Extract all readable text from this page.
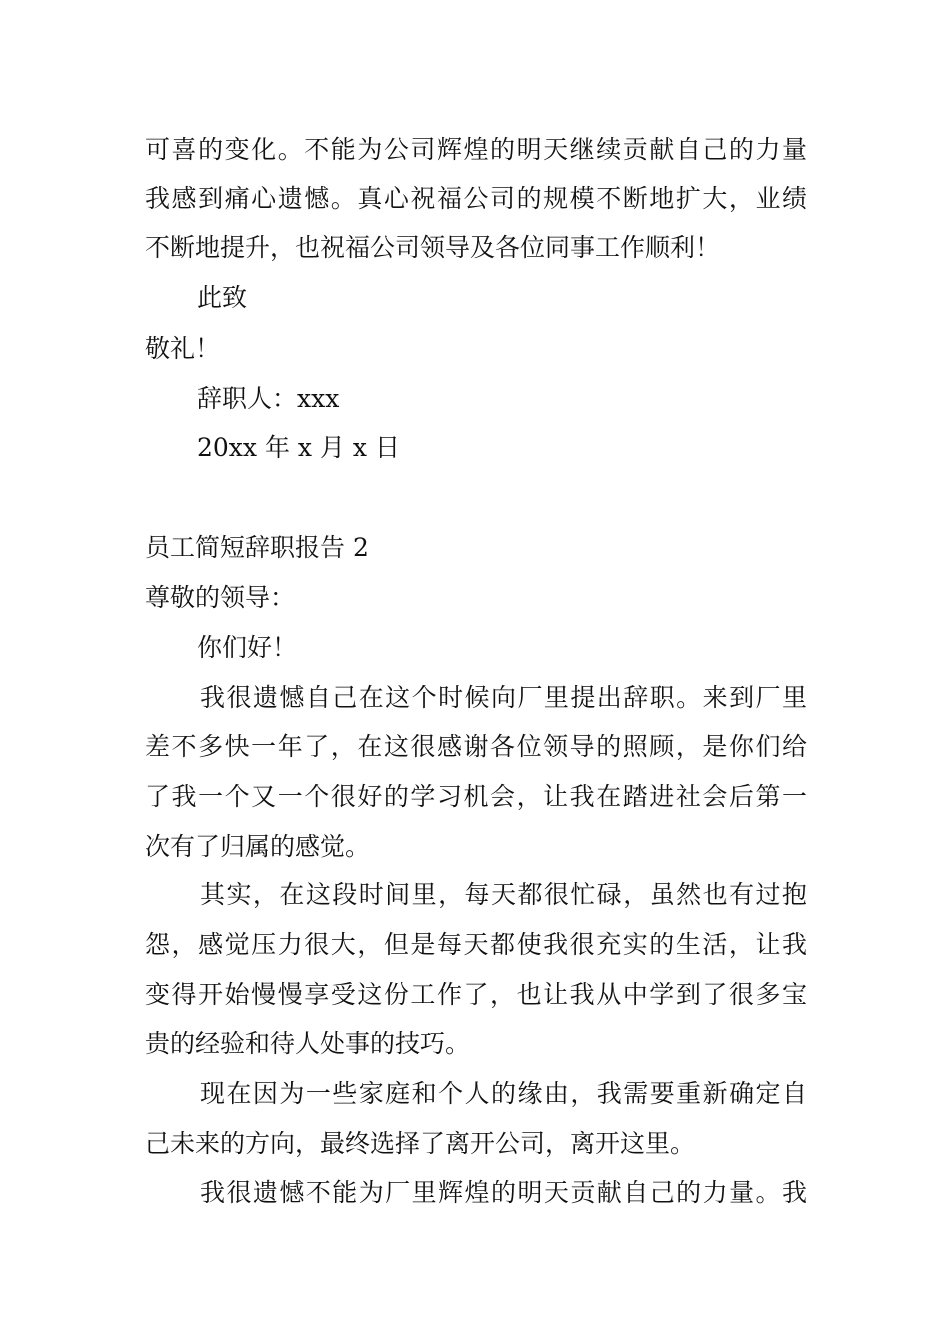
可喜的变化。不能为公司辉煌的明天继续贡献自己的力量
我感到痛心遗憾。真心祝福公司的规模不断地扩大，业绩
不断地提升，也祝福公司领导及各位同事工作顺利！
此致
敬礼！
辞职人：xxx
20xx 年 x 月 x 日
员工简短辞职报告 2
尊敬的领导：
你们好！
我很遗憾自己在这个时候向厂里提出辞职。来到厂里
差不多快一年了，在这很感谢各位领导的照顾，是你们给
了我一个又一个很好的学习机会，让我在踏进社会后第一
次有了归属的感觉。
其实，在这段时间里，每天都很忙碌，虽然也有过抱
怨，感觉压力很大，但是每天都使我很充实的生活，让我
变得开始慢慢享受这份工作了，也让我从中学到了很多宝
贵的经验和待人处事的技巧。
现在因为一些家庭和个人的缘由，我需要重新确定自
己未来的方向，最终选择了离开公司，离开这里。
我很遗憾不能为厂里辉煌的明天贡献自己的力量。我
